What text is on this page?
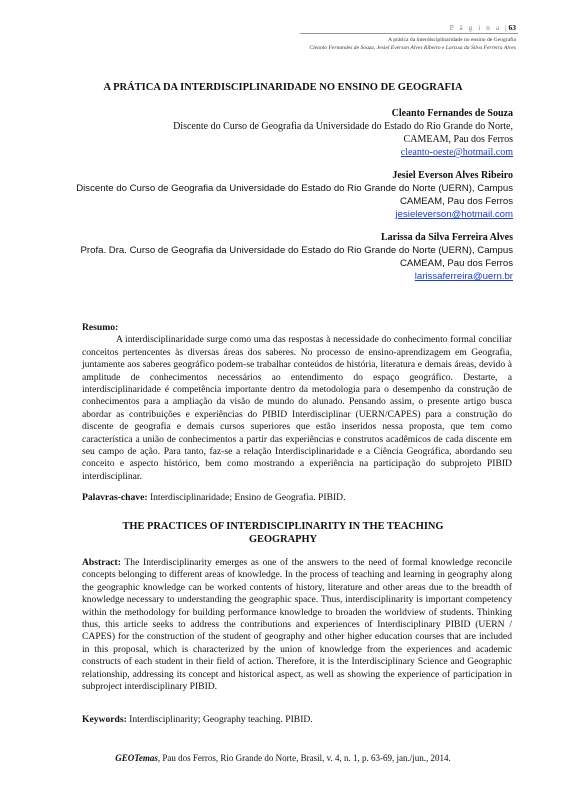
P á g i n a |63
A prática da interdisciplinaridade no ensino de Geografia
Cleanto Fernandes de Souza, Jesiel Everson Alves Ribeiro e Larissa da Silva Ferreira Alves
A PRÁTICA DA INTERDISCIPLINARIDADE NO ENSINO DE GEOGRAFIA
Cleanto Fernandes de Souza
Discente do Curso de Geografia da Universidade do Estado do Rio Grande do Norte,
CAMEAM, Pau dos Ferros
cleanto-oeste@hotmail.com
Jesiel Everson Alves Ribeiro
Discente do Curso de Geografia da Universidade do Estado do Rio Grande do Norte (UERN), Campus
CAMEAM, Pau dos Ferros
jesieleverson@hotmail.com
Larissa da Silva Ferreira Alves
Profa. Dra. Curso de Geografia da Universidade do Estado do Rio Grande do Norte (UERN), Campus
CAMEAM, Pau dos Ferros
larissaferreira@uern.br
Resumo:
A interdisciplinaridade surge como uma das respostas à necessidade do conhecimento formal conciliar conceitos pertencentes às diversas áreas dos saberes. No processo de ensino-aprendizagem em Geografia, juntamente aos saberes geográfico podem-se trabalhar conteúdos de história, literatura e demais áreas, devido à amplitude de conhecimentos necessários ao entendimento do espaço geográfico. Destarte, a interdisciplinaridade é competência importante dentro da metodologia para o desempenho da construção de conhecimentos para a ampliação da visão de mundo do alunado. Pensando assim, o presente artigo busca abordar as contribuições e experiências do PIBID Interdisciplinar (UERN/CAPES) para a construção do discente de geografia e demais cursos superiores que estão inseridos nessa proposta, que tem como característica a união de conhecimentos a partir das experiências e construtos acadêmicos de cada discente em seu campo de ação. Para tanto, faz-se a relação Interdisciplinaridade e a Ciência Geográfica, abordando seu conceito e aspecto histórico, bem como mostrando a experiência na participação do subprojeto PIBID interdisciplinar.
Palavras-chave: Interdisciplinaridade; Ensino de Geografia. PIBID.
THE PRACTICES OF INTERDISCIPLINARITY IN THE TEACHING GEOGRAPHY
Abstract: The Interdisciplinarity emerges as one of the answers to the need of formal knowledge reconcile concepts belonging to different areas of knowledge. In the process of teaching and learning in geography along the geographic knowledge can be worked contents of history, literature and other areas due to the breadth of knowledge necessary to understanding the geographic space. Thus, interdisciplinarity is important competency within the methodology for building performance knowledge to broaden the worldview of students. Thinking thus, this article seeks to address the contributions and experiences of Interdisciplinary PIBID (UERN / CAPES) for the construction of the student of geography and other higher education courses that are included in this proposal, which is characterized by the union of knowledge from the experiences and academic constructs of each student in their field of action. Therefore, it is the Interdisciplinary Science and Geographic relationship, addressing its concept and historical aspect, as well as showing the experience of participation in subproject interdisciplinary PIBID.
Keywords: Interdisciplinarity; Geography teaching. PIBID.
GEOTemas, Pau dos Ferros, Rio Grande do Norte, Brasil, v. 4, n. 1, p. 63-69, jan./jun., 2014.
